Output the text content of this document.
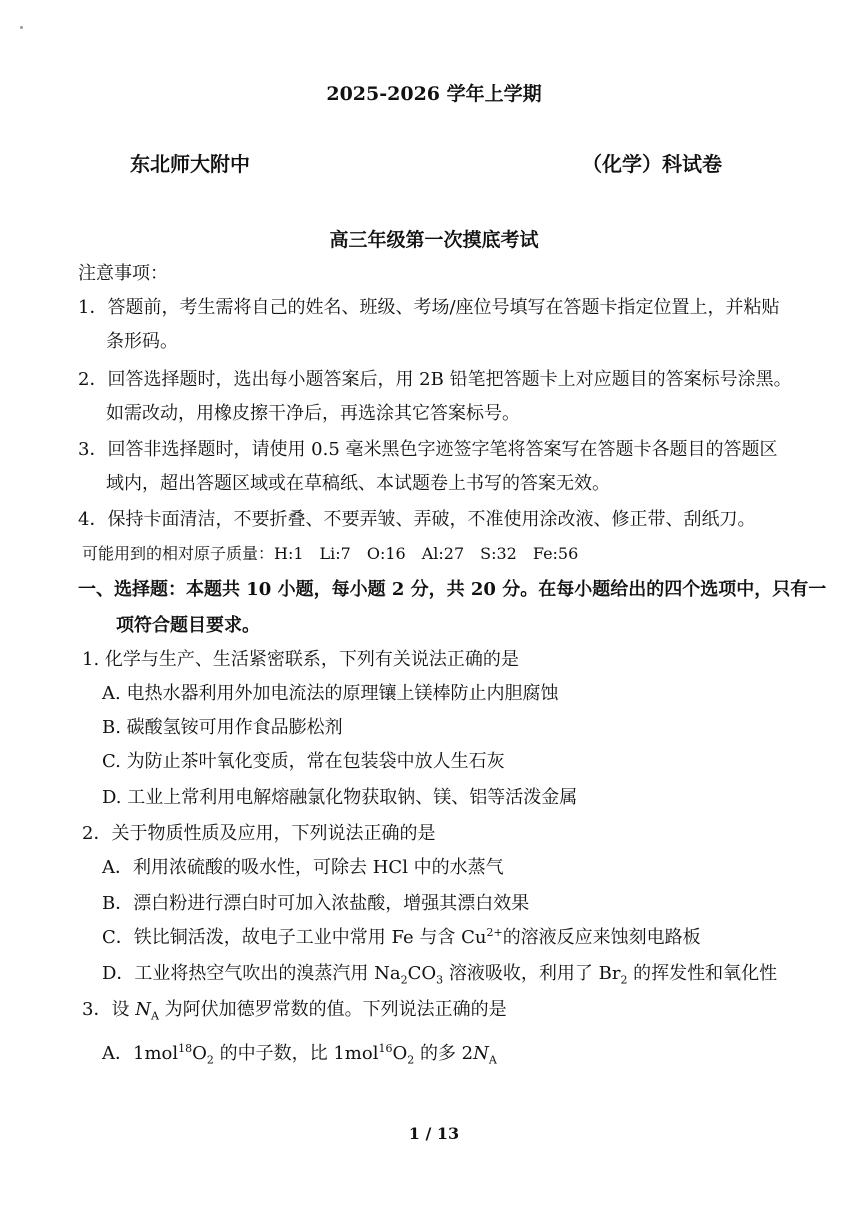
2025-2026 学年上学期
东北师大附中	（化学）科试卷
高三年级第一次摸底考试
注意事项：
1．答题前，考生需将自己的姓名、班级、考场/座位号填写在答题卡指定位置上，并粘贴
条形码。
2．回答选择题时，选出每小题答案后，用 2B 铅笔把答题卡上对应题目的答案标号涂黑。
如需改动，用橡皮擦干净后，再选涂其它答案标号。
3．回答非选择题时，请使用 0.5 毫米黑色字迹签字笔将答案写在答题卡各题目的答题区
域内，超出答题区域或在草稿纸、本试题卷上书写的答案无效。
4．保持卡面清洁，不要折叠、不要弄皱、弄破，不准使用涂改液、修正带、刮纸刀。
可能用到的相对原子质量：H:1　Li:7　O:16　Al:27　S:32　Fe:56
一、选择题：本题共 10 小题，每小题 2 分，共 20 分。在每小题给出的四个选项中，只有一
项符合题目要求。
1. 化学与生产、生活紧密联系，下列有关说法正确的是
A. 电热水器利用外加电流法的原理镶上镁棒防止内胆腐蚀
B. 碳酸氢铵可用作食品膨松剂
C. 为防止茶叶氧化变质，常在包装袋中放人生石灰
D. 工业上常利用电解熔融氯化物获取钠、镁、铝等活泼金属
2．关于物质性质及应用，下列说法正确的是
A．利用浓硫酸的吸水性，可除去 HCl 中的水蒸气
B．漂白粉进行漂白时可加入浓盐酸，增强其漂白效果
C．铁比铜活泼，故电子工业中常用 Fe 与含 $Cu^{2+}$的溶液反应来蚀刻电路板
D．工业将热空气吹出的溴蒸汽用 $Na_2CO_3$ 溶液吸收，利用了 $Br_2$ 的挥发性和氧化性
3．设 $N_A$ 为阿伏加德罗常数的值。下列说法正确的是
A．$1mol^{18}O_2$ 的中子数，比 $1mol^{16}O_2$ 的多 $2N_A$
1 / 13
